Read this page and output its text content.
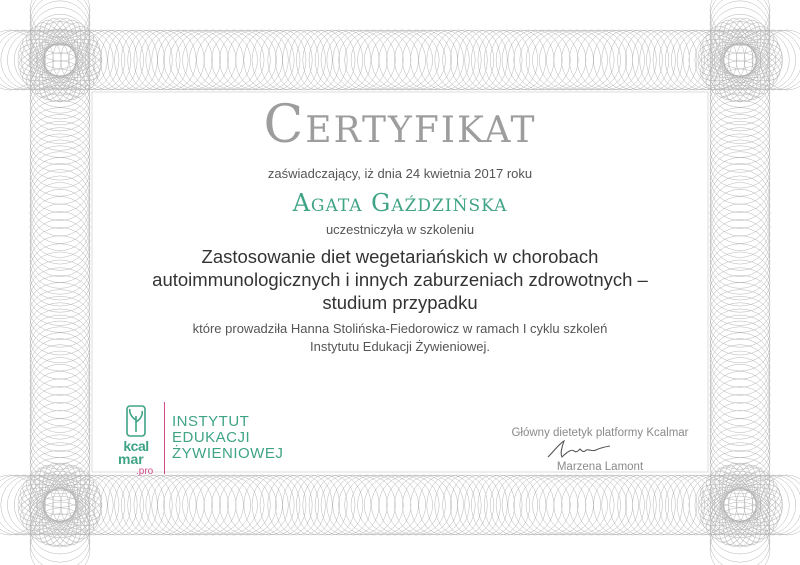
Certyfikat
zaświadczający, iż dnia 24 kwietnia 2017 roku
Agata Gaździńska
uczestniczyła w szkoleniu
Zastosowanie diet wegetariańskich w chorobach
autoimmunologicznych i innych zaburzeniach zdrowotnych –
studium przypadku
które prowadziła Hanna Stolińska-Fiedorowicz w ramach I cyklu szkoleń
Instytutu Edukacji Żywieniowej.
kcal
mar
.pro
INSTYTUT
EDUKACJI
ŻYWIENIOWEJ
Główny dietetyk platformy Kcalmar
Marzena Lamont
